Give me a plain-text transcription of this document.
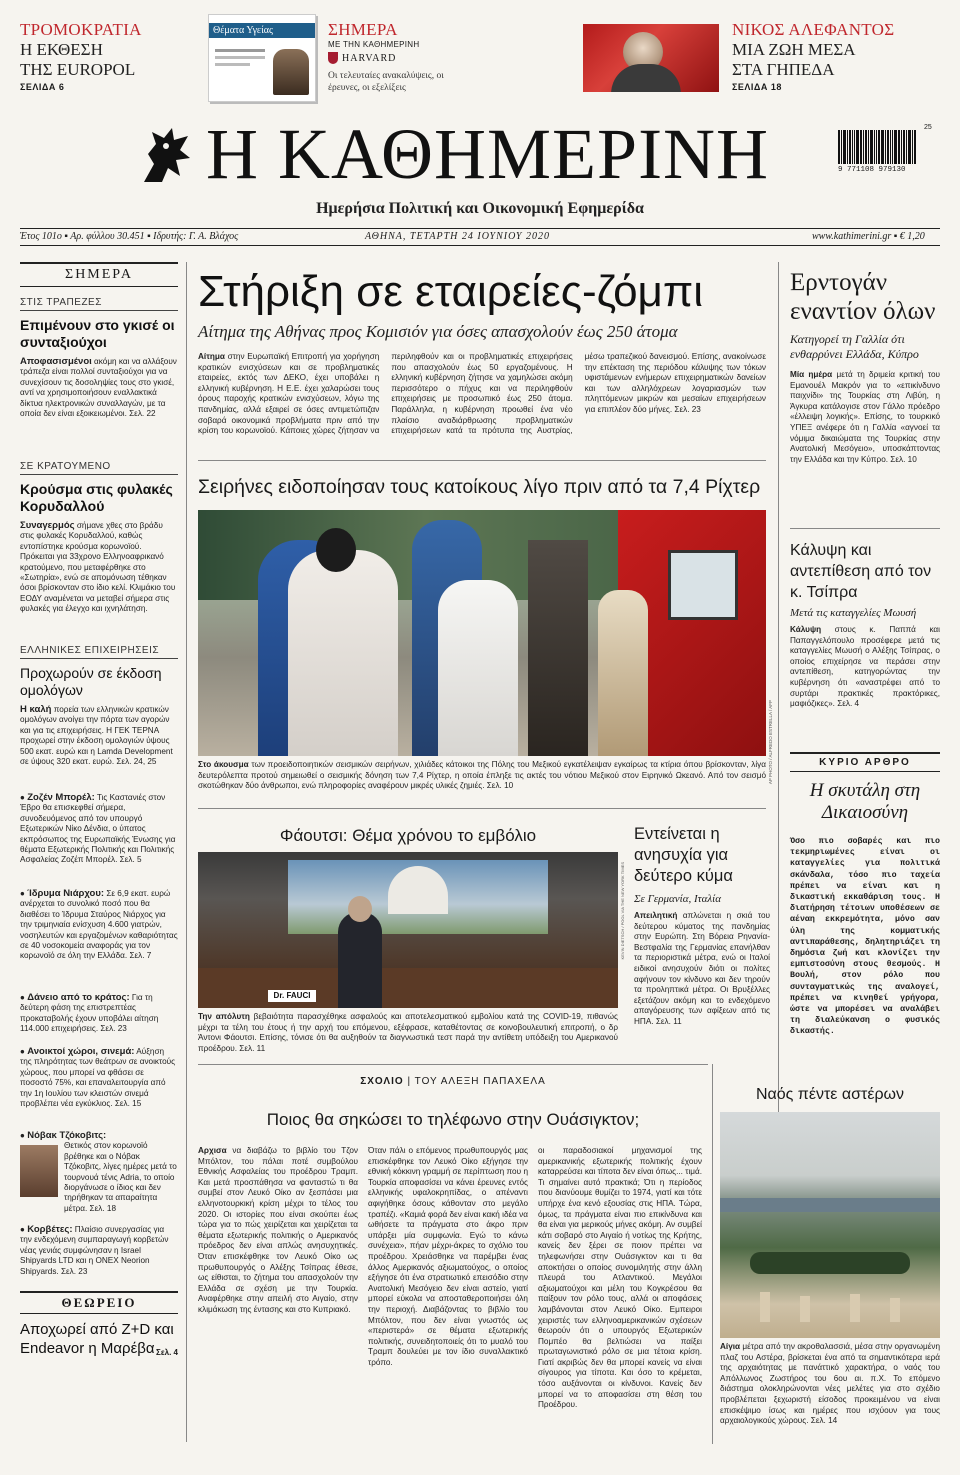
ΤΡΟΜΟΚΡΑΤΙΑ
Η ΕΚΘΕΣΗ
ΤΗΣ EUROPOL
ΣΕΛΙΔΑ 6
Θέματα Υγείας	ΣΗΜΕΡΑ
ΜΕ ΤΗΝ ΚΑΘΗΜΕΡΙΝΗ
HARVARD
Οι τελευταίες ανακαλύψεις, οι έρευνες, οι εξελίξεις
ΝΙΚΟΣ ΑΛΕΦΑΝΤΟΣ
ΜΙΑ ΖΩΗ ΜΕΣΑ
ΣΤΑ ΓΗΠΕΔΑ
ΣΕΛΙΔΑ 18
Η ΚΑΘΗΜΕΡΙΝΗ	25
9 771108 979130
Ημερήσια Πολιτική και Οικονομική Εφημερίδα
Έτος 101ο ▪ Αρ. φύλλου 30.451 ▪ Ιδρυτής: Γ. Α. Βλάχος	ΑΘΗΝΑ, ΤΕΤΑΡΤΗ 24 ΙΟΥΝΙΟΥ 2020	www.kathimerini.gr ▪ € 1,20
ΣΗΜΕΡΑ
ΣΤΙΣ ΤΡΑΠΕΖΕΣ
Επιμένουν στο γκισέ οι συνταξιούχοι
Αποφασισμένοι ακόμη και να αλλάξουν τράπεζα είναι πολλοί συνταξιούχοι για να συνεχίσουν τις δοσοληψίες τους στο γκισέ, αντί να χρησιμοποιήσουν εναλλακτικά δίκτυα ηλεκτρονικών συναλλαγών, με τα οποία δεν είναι εξοικειωμένοι. Σελ. 22
ΣΕ ΚΡΑΤΟΥΜΕΝΟ
Κρούσμα στις φυλακές Κορυδαλλού
Συναγερμός σήμανε χθες στο βράδυ στις φυλακές Κορυδαλλού, καθώς εντοπίστηκε κρούσμα κορωνοϊού. Πρόκειται για 33χρονο Ελληνοαφρικανό κρατούμενο, που μεταφέρθηκε στο «Σωτηρία», ενώ σε απομόνωση τέθηκαν όσοι βρίσκονταν στο ίδιο κελί. Κλιμάκιο του ΕΟΔΥ αναμένεται να μεταβεί σήμερα στις φυλακές για έλεγχο και ιχνηλάτηση.
ΕΛΛΗΝΙΚΕΣ ΕΠΙΧΕΙΡΗΣΕΙΣ
Προχωρούν σε έκδοση ομολόγων
Η καλή πορεία των ελληνικών κρατικών ομολόγων ανοίγει την πόρτα των αγορών και για τις επιχειρήσεις. Η ΓΕΚ ΤΕΡΝΑ προχωρεί στην έκδοση ομολογιών ύψους 500 εκατ. ευρώ και η Lamda Development σε ύψους 320 εκατ. ευρώ. Σελ. 24, 25
● Ζοζέν Μπορέλ: Τις Καστανιές στον Έβρο θα επισκεφθεί σήμερα, συνοδευόμενος από τον υπουργό Εξωτερικών Νίκο Δένδια, ο ύπατος εκπρόσωπος της Ευρωπαϊκής Ένωσης για θέματα Εξωτερικής Πολιτικής και Πολιτικής Ασφαλείας Ζοζέπ Μπορέλ. Σελ. 5
● Ίδρυμα Νιάρχου: Σε 6,9 εκατ. ευρώ ανέρχεται το συνολικό ποσό που θα διαθέσει το Ίδρυμα Σταύρος Νιάρχος για την τριμηνιαία ενίσχυση 4.600 γιατρών, νοσηλευτών και εργαζομένων καθαριότητας σε 40 νοσοκομεία αναφοράς για τον κορωνοϊό σε όλη την Ελλάδα. Σελ. 7
● Δάνειο από το κράτος: Για τη δεύτερη φάση της επιστρεπτέας προκαταβολής έχουν υποβάλει αίτηση 114.000 επιχειρήσεις. Σελ. 23
● Ανοικτοί χώροι, σινεμά: Αύξηση της πληρότητας των θεάτρων σε ανοικτούς χώρους, που μπορεί να φθάσει σε ποσοστό 75%, και επαναλειτουργία από την 1η Ιουλίου των κλειστών σινεμά προβλέπει νέα εγκύκλιος. Σελ. 15
● Νόβακ Τζόκοβιτς:
Θετικός στον κορωνοϊό βρέθηκε και ο Νόβακ Τζόκοβιτς, λίγες ημέρες μετά το τουρνουά τένις Adria, το οποίο διοργάνωσε ο ίδιος και δεν τηρήθηκαν τα απαραίτητα μέτρα. Σελ. 18
● Κορβέτες: Πλαίσιο συνεργασίας για την ενδεχόμενη συμπαραγωγή κορβετών νέας γενιάς συμφώνησαν η Israel Shipyards LTD και η ONEX Neorion Shipyards. Σελ. 23
ΘΕΩΡΕΙΟ
Αποχωρεί από Z+D και Endeavor η Μαρέβα Σελ. 4
Στήριξη σε εταιρείες-ζόμπι
Αίτημα της Αθήνας προς Κομισιόν για όσες απασχολούν έως 250 άτομα
Αίτημα στην Ευρωπαϊκή Επιτροπή για χορήγηση κρατικών ενισχύσεων και σε προβληματικές εταιρείες, εκτός των ΔΕΚΟ, έχει υποβάλει η ελληνική κυβέρνηση. Η Ε.Ε. έχει χαλαρώσει τους όρους παροχής κρατικών ενισχύσεων, λόγω της πανδημίας, αλλά εξαιρεί σε όσες αντιμετώπιζαν σοβαρά οικονομικά προβλήματα πριν από την κρίση του κορωνοϊού. Κάποιες χώρες ζήτησαν να περιληφθούν και οι προβληματικές επιχειρήσεις που απασχολούν έως 50 εργαζομένους. Η ελληνική κυβέρνηση ζήτησε να χαμηλώσει ακόμη περισσότερο ο πήχυς και να περιληφθούν επιχειρήσεις με προσωπικό έως 250 άτομα. Παράλληλα, η κυβέρνηση προωθεί ένα νέο πλαίσιο αναδιάρθρωσης προβληματικών επιχειρήσεων κατά τα πρότυπα της Αυστρίας, μέσω τραπεζικού δανεισμού. Επίσης, ανακοίνωσε την επέκταση της περιόδου κάλυψης των τόκων υφιστάμενων ενήμερων επιχειρηματικών δανείων και των αλληλόχρεων λογαριασμών των πληττόμενων μικρών και μεσαίων επιχειρήσεων για επιπλέον δύο μήνες. Σελ. 23
Ερντογάν εναντίον όλων
Κατηγορεί τη Γαλλία ότι ενθαρρύνει Ελλάδα, Κύπρο
Μία ημέρα μετά τη δριμεία κριτική του Εμανουέλ Μακρόν για το «επικίνδυνο παιχνίδι» της Τουρκίας στη Λιβύη, η Άγκυρα κατάλογισε στον Γάλλο πρόεδρο «έλλειψη λογικής». Επίσης, το τουρκικό ΥΠΕΞ ανέφερε ότι η Γαλλία «αγνοεί τα νόμιμα δικαιώματα της Τουρκίας στην Ανατολική Μεσόγειο», υποσκάπτοντας την Ελλάδα και την Κύπρο. Σελ. 10
Κάλυψη και αντεπίθεση από τον κ. Τσίπρα
Μετά τις καταγγελίες Μωυσή
Κάλυψη στους κ. Παππά και Παπαγγελόπουλο προσέφερε μετά τις καταγγελίες Μωυσή ο Αλέξης Τσίπρας, ο οποίος επιχείρησε να περάσει στην αντεπίθεση, κατηγορώντας την κυβέρνηση ότι «αναστρέφει από το συρτάρι πρακτικές πρακτόρικες, μαφιόζικες». Σελ. 4
ΚΥΡΙΟ ΑΡΘΡΟ
Η σκυτάλη στη Δικαιοσύνη
Όσο πιο σοβαρές και πιο τεκμηριωμένες είναι οι καταγγελίες για πολιτικά σκάνδαλα, τόσο πιο ταχεία πρέπει να είναι και η δικαστική εκκαθάριση τους. Η διατήρηση τέτοιων υποθέσεων σε αέναη εκκρεμότητα, μόνο σαν ύλη της κομματικής αντιπαράθεσης, δηλητηριάζει τη δημόσια ζωή και κλονίζει την εμπιστοσύνη στους θεσμούς. Η Βουλή, στον ρόλο που συνταγματικώς της αναλογεί, πρέπει να κινηθεί γρήγορα, ώστε να μπορέσει να αναλάβει τη διαλεύκανση ο φυσικός δικαστής.
Σειρήνες ειδοποίησαν τους κατοίκους λίγο πριν από τα 7,4 Ρίχτερ
AP PHOTO / ALFREDO ESTRELLA / AFP
Στο άκουσμα των προειδοποιητικών σεισμικών σειρήνων, χιλιάδες κάτοικοι της Πόλης του Μεξικού εγκατέλειψαν εγκαίρως τα κτίρια όπου βρίσκονταν, λίγα δευτερόλεπτα προτού σημειωθεί ο σεισμικής δόνηση των 7,4 Ρίχτερ, η οποία έπληξε τις ακτές του νότιου Μεξικού στον Ειρηνικό Ωκεανό. Από τον σεισμό σκοτώθηκαν δύο άνθρωποι, ενώ πληροφορίες αναφέρουν μικρές υλικές ζημιές. Σελ. 10
Φάουτσι: Θέμα χρόνου το εμβόλιο
Dr. FAUCI
KEVIN DIETSCH / POOL VIA THE NEW YORK TIMES
Την απόλυτη βεβαιότητα παρασχέθηκε ασφαλούς και αποτελεσματικού εμβολίου κατά της COVID-19, πιθανώς μέχρι τα τέλη του έτους ή την αρχή του επόμενου, εξέφρασε, καταθέτοντας σε κοινοβουλευτική επιτροπή, ο δρ Άντονι Φάουτσι. Επίσης, τόνισε ότι θα αυξηθούν τα διαγνωστικά τεστ παρά την αντίθετη υπόδειξη του Αμερικανού προέδρου. Σελ. 11
Εντείνεται η ανησυχία για δεύτερο κύμα
Σε Γερμανία, Ιταλία
Απειλητική απλώνεται η σκιά του δεύτερου κύματος της πανδημίας στην Ευρώπη. Στη Βόρεια Ρηνανία-Βεστφαλία της Γερμανίας επανήλθαν τα περιοριστικά μέτρα, ενώ οι Ιταλοί ειδικοί ανησυχούν διότι οι πολίτες αφήνουν τον κίνδυνο και δεν τηρούν τα προληπτικά μέτρα. Οι Βρυξέλλες εξετάζουν ακόμη και το ενδεχόμενο απαγόρευσης των αφίξεων από τις ΗΠΑ. Σελ. 11
ΣΧΟΛΙΟ | ΤΟΥ ΑΛΕΞΗ ΠΑΠΑΧΕΛΑ
Ποιος θα σηκώσει το τηλέφωνο στην Ουάσιγκτον;
Αρχισα να διαβάζω το βιβλίο του Τζον Μπόλτον, του πάλαι ποτέ συμβούλου Εθνικής Ασφαλείας του προέδρου Τραμπ. Και μετά προσπάθησα να φανταστώ τι θα συμβεί στον Λευκό Οίκο αν ξεσπάσει μια ελληνοτουρκική κρίση μέχρι το τέλος του 2020. Οι ιστορίες που είναι σκούπει έως τώρα για το πώς χειρίζεται και χειρίζεται τα θέματα εξωτερικής πολιτικής ο Αμερικανός πρόεδρος δεν είναι απλώς ανησυχητικές. Όταν επισκέφθηκε τον Λευκό Οίκο ως πρωθυπουργός ο Αλέξης Τσίπρας έθεσε, ως είθισται, το ζήτημα του απασχολούν την Ελλάδα σε σχέση με την Τουρκία. Αναφέρθηκε στην απειλή στο Αιγαίο, στην κλιμάκωση της έντασης και στο Κυπριακό.
Όταν πάλι ο επόμενος πρωθυπουργός μας επισκέφθηκε τον Λευκό Οίκο εξήγησε την εθνική κόκκινη γραμμή σε περίπτωση που η Τουρκία αποφασίσει να κάνει έρευνες εντός ελληνικής υφαλοκρηπίδας, ο απέναντι αφιγήθηκε όσους κάθονταν στο μεγάλο τραπέζι. «Καμιά φορά δεν είναι κακή ιδέα να ωθήσετε τα πράγματα στο άκρο πριν υπάρξει μία συμφωνία. Εγώ το κάνω συνέχεια», πήαν μέχρι-άκρες το σχόλιο του προέδρου. Χρειάσθηκε να παρέμβει ένας άλλος Αμερικανός αξιωματούχος, ο οποίος εξήγησε ότι ένα στρατιωτικό επεισόδιο στην Ανατολική Μεσόγειο δεν είναι αστείο, γιατί μπορεί εύκολα να αποσταθεροποιήσει όλη την περιοχή. Διαβάζοντας το βιβλίο του Μπόλτον, που δεν είναι γνωστός ως «περιστερά» σε θέματα εξωτερικής πολιτικής, συνειδητοποιείς ότι το μυαλό του Τραμπ δουλεύει με τον ίδιο συναλλακτικό τρόπο.
οι παραδοσιακοί μηχανισμοί της αμερικανικής εξωτερικής πολιτικής έχουν καταρρεύσει και τίποτα δεν είναι όπως... τιμά. Τι σημαίνει αυτό πρακτικά; Ότι η περίοδος που διανύουμε θυμίζει το 1974, γιατί και τότε υπήρχε ένα κενό εξουσίας στις ΗΠΑ. Τώρα, όμως, τα πράγματα είναι πιο επικίνδυνα και θα είναι για μερικούς μήνες ακόμη. Αν συμβεί κάτι σοβαρό στο Αιγαίο ή νοτίως της Κρήτης, κανείς δεν ξέρει σε ποιον πρέπει να τηλεφωνήσει στην Ουάσιγκτον και τι θα αποκτήσει ο οποίος συνομιλητής στην άλλη πλευρά του Ατλαντικού. Μεγάλοι αξιωματούχοι και μέλη του Κογκρέσου θα παίξουν τον ρόλο τους, αλλά οι αποφάσεις λαμβάνονται στον Λευκό Οίκο. Εμπειροι χειριστές των ελληνοαμερικανικών σχέσεων θεωρούν ότι ο υπουργός Εξωτερικών Πομπέο θα βελτιώσει να παίξει πρωταγωνιστικό ρόλο σε μια τέτοια κρίση. Γιατί ακριβώς δεν θα μπορεί κανείς να είναι σίγουρος για τίποτα. Και όσο το κρέμεται, τόσο αυξάνονται οι κίνδυνοι. Κανείς δεν μπορεί να το αποφασίσει στη θέση του Προέδρου.
Ναός πέντε αστέρων
Αίγια μέτρα από την ακροθαλασσιά, μέσα στην οργανωμένη πλαζ του Αστέρα, βρίσκεται ένα από τα σημαντικότερα ιερά της αρχαιότητας με πανάττικό χαρακτήρα, ο ναός του Απόλλωνος Ζωστήρος του 6ου αι. π.Χ. Το επόμενο διάστημα ολοκληρώνονται νέες μελέτες για στο σχέδιο προβλέπεται ξεχωριστή είσοδος προκειμένου να είναι επισκέψιμο ίσως και ημέρες που ισχύουν για τους αρχαιολογικούς χώρους. Σελ. 14
